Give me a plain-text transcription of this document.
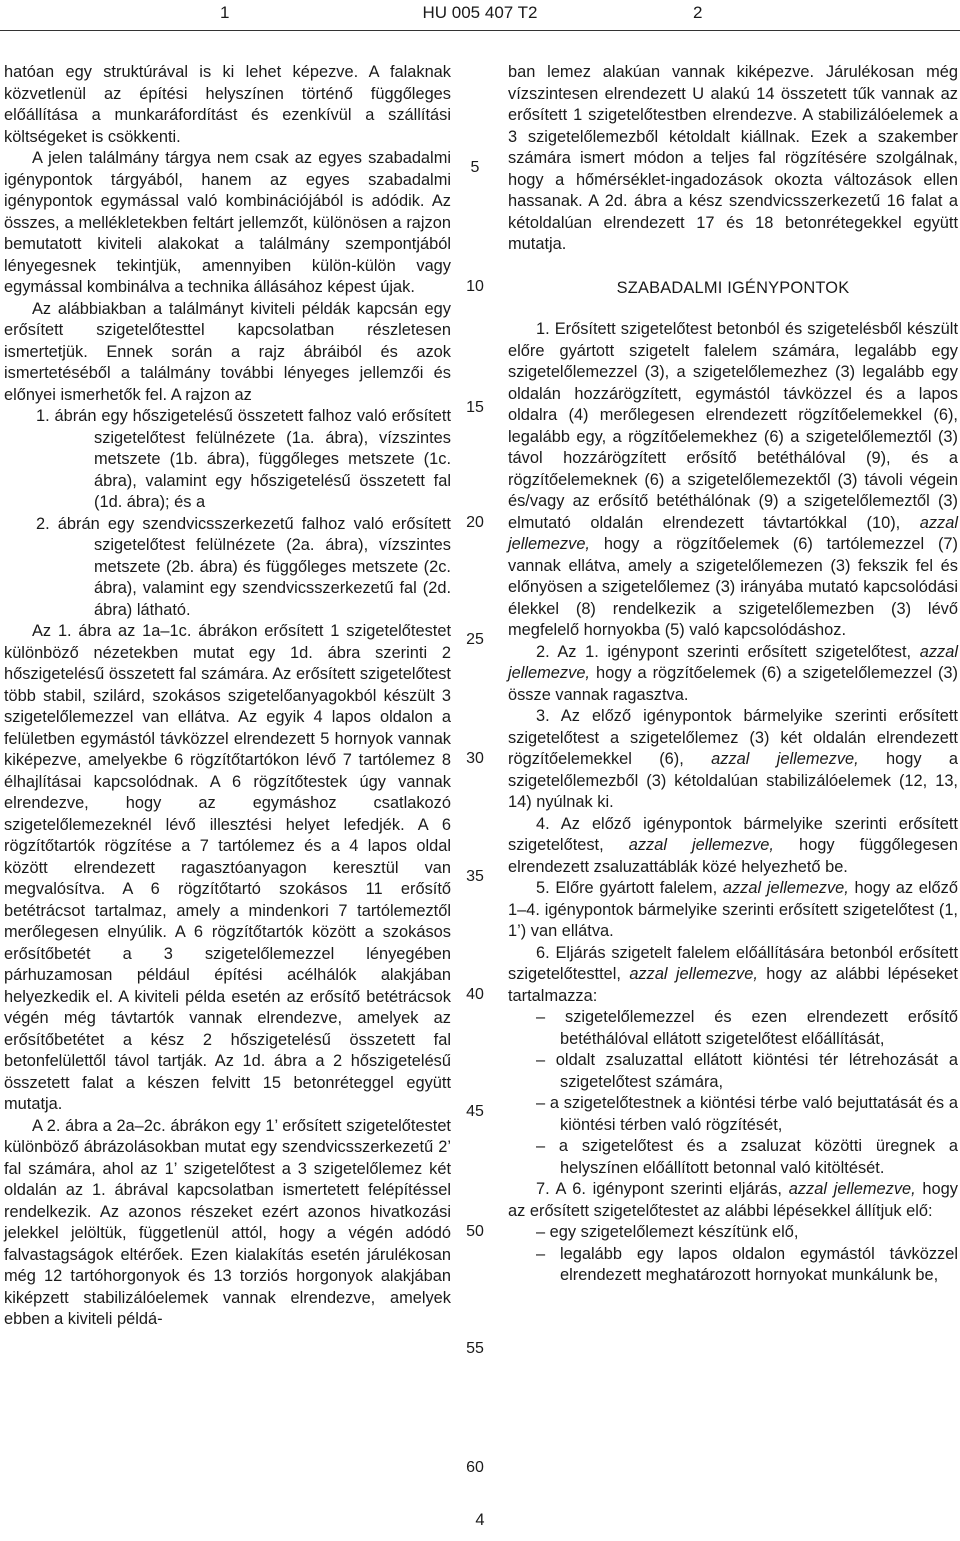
1	HU 005 407 T2	2

hatóan egy struktúrával is ki lehet képezve. A falaknak közvetlenül az építési helyszínen történő függőleges előállítása a munkaráfordítást és ezenkívül a szállítási költségeket is csökkenti.

A jelen találmány tárgya nem csak az egyes szabadalmi igénypontok tárgyából, hanem az egyes szabadalmi igénypontok egymással való kombinációjából is adódik. Az összes, a mellékletekben feltárt jellemzőt, különösen a rajzon bemutatott kiviteli alakokat a találmány szempontjából lényegesnek tekintjük, amennyiben külön-külön vagy egymással kombinálva a technika állásához képest újak.

Az alábbiakban a találmányt kiviteli példák kapcsán egy erősített szigetelőtesttel kapcsolatban részletesen ismertetjük. Ennek során a rajz ábráiból és azok ismertetéséből a találmány további lényeges jellemzői és előnyei ismerhetők fel. A rajzon az

1. ábrán egy hőszigetelésű összetett falhoz való erősített szigetelőtest felülnézete (1a. ábra), vízszintes metszete (1b. ábra), függőleges metszete (1c. ábra), valamint egy hőszigetelésű összetett fal (1d. ábra); és a

2. ábrán egy szendvicsszerkezetű falhoz való erősített szigetelőtest felülnézete (2a. ábra), vízszintes metszete (2b. ábra) és függőleges metszete (2c. ábra), valamint egy szendvicsszerkezetű fal (2d. ábra) látható.

Az 1. ábra az 1a–1c. ábrákon erősített 1 szigetelőtestet különböző nézetekben mutat egy 1d. ábra szerinti 2 hőszigetelésű összetett fal számára. Az erősített szigetelőtest több stabil, szilárd, szokásos szigetelőanyagokból készült 3 szigetelőlemezzel van ellátva. Az egyik 4 lapos oldalon a felületben egymástól távközzel elrendezett 5 hornyok vannak kiképezve, amelyekbe 6 rögzítőtartókon lévő 7 tartólemez 8 élhajlításai kapcsolódnak. A 6 rögzítőtestek úgy vannak elrendezve, hogy az egymáshoz csatlakozó szigetelőlemezeknél lévő illesztési helyet lefedjék. A 6 rögzítőtartók rögzítése a 7 tartólemez és a 4 lapos oldal között elrendezett ragasztóanyagon keresztül van megvalósítva. A 6 rögzítőtartó szokásos 11 erősítő betétrácsot tartalmaz, amely a mindenkori 7 tartólemeztől merőlegesen elnyúlik. A 6 rögzítőtartók között a szokásos erősítőbetét a 3 szigetelőlemezzel lényegében párhuzamosan például építési acélhálók alakjában helyezkedik el. A kiviteli példa esetén az erősítő betétrácsok végén még távtartók vannak elrendezve, amelyek az erősítőbetétet a kész 2 hőszigetelésű összetett fal betonfelülettől távol tartják. Az 1d. ábra a 2 hőszigetelésű összetett falat a készen felvitt 15 betonréteggel együtt mutatja.

A 2. ábra a 2a–2c. ábrákon egy 1’ erősített szigetelőtestet különböző ábrázolásokban mutat egy szendvicsszerkezetű 2’ fal számára, ahol az 1’ szigetelőtest a 3 szigetelőlemez két oldalán az 1. ábrával kapcsolatban ismertetett felépítéssel rendelkezik. Az azonos részeket ezért azonos hivatkozási jelekkel jelöltük, függetlenül attól, hogy a végén adódó falvastagságok eltérőek. Ezen kialakítás esetén járulékosan még 12 tartóhorgonyok és 13 torziós horgonyok alakjában kiképzett stabilizálóelemek vannak elrendezve, amelyek ebben a kiviteli példá-

ban lemez alakúan vannak kiképezve. Járulékosan még vízszintesen elrendezett U alakú 14 összetett tűk vannak az erősített 1 szigetelőtestben elrendezve. A stabilizálóelemek a 3 szigetelőlemezből kétoldalt kiállnak. Ezek a szakember számára ismert módon a teljes fal rögzítésére szolgálnak, hogy a hőmérséklet-ingadozások okozta változások ellen hassanak. A 2d. ábra a kész szendvicsszerkezetű 16 falat a kétoldalúan elrendezett 17 és 18 betonrétegekkel együtt mutatja.

SZABADALMI IGÉNYPONTOK

1. Erősített szigetelőtest betonból és szigetelésből készült előre gyártott szigetelt falelem számára, legalább egy szigetelőlemezzel (3), a szigetelőlemezhez (3) legalább egy oldalán hozzárögzített, egymástól távközzel és a lapos oldalra (4) merőlegesen elrendezett rögzítőelemekkel (6), legalább egy, a rögzítőelemekhez (6) a szigetelőlemeztől (3) távol hozzárögzített erősítő betéthálóval (9), és a rögzítőelemeknek (6) a szigetelőlemezektől (3) távoli végein és/vagy az erősítő betéthálónak (9) a szigetelőlemeztől (3) elmutató oldalán elrendezett távtartókkal (10), azzal jellemezve, hogy a rögzítőelemek (6) tartólemezzel (7) vannak ellátva, amely a szigetelőlemezen (3) fekszik fel és előnyösen a szigetelőlemez (3) irányába mutató kapcsolódási élekkel (8) rendelkezik a szigetelőlemezben (3) lévő megfelelő hornyokba (5) való kapcsolódáshoz.

2. Az 1. igénypont szerinti erősített szigetelőtest, azzal jellemezve, hogy a rögzítőelemek (6) a szigetelőlemezzel (3) össze vannak ragasztva.

3. Az előző igénypontok bármelyike szerinti erősített szigetelőtest a szigetelőlemez (3) két oldalán elrendezett rögzítőelemekkel (6), azzal jellemezve, hogy a szigetelőlemezből (3) kétoldalúan stabilizálóelemek (12, 13, 14) nyúlnak ki.

4. Az előző igénypontok bármelyike szerinti erősített szigetelőtest, azzal jellemezve, hogy függőlegesen elrendezett zsaluzattáblák közé helyezhető be.

5. Előre gyártott falelem, azzal jellemezve, hogy az előző 1–4. igénypontok bármelyike szerinti erősített szigetelőtest (1, 1’) van ellátva.

6. Eljárás szigetelt falelem előállítására betonból erősített szigetelőtesttel, azzal jellemezve, hogy az alábbi lépéseket tartalmazza:

– szigetelőlemezzel és ezen elrendezett erősítő betéthálóval ellátott szigetelőtest előállítását,

– oldalt zsaluzattal ellátott kiöntési tér létrehozását a szigetelőtest számára,

– a szigetelőtestnek a kiöntési térbe való bejuttatását és a kiöntési térben való rögzítését,

– a szigetelőtest és a zsaluzat közötti üregnek a helyszínen előállított betonnal való kitöltését.

7. A 6. igénypont szerinti eljárás, azzal jellemezve, hogy az erősített szigetelőtestet az alábbi lépésekkel állítjuk elő:

– egy szigetelőlemezt készítünk elő,

– legalább egy lapos oldalon egymástól távközzel elrendezett meghatározott hornyokat munkálunk be,

5
10
15
20
25
30
35
40
45
50
55
60
4
